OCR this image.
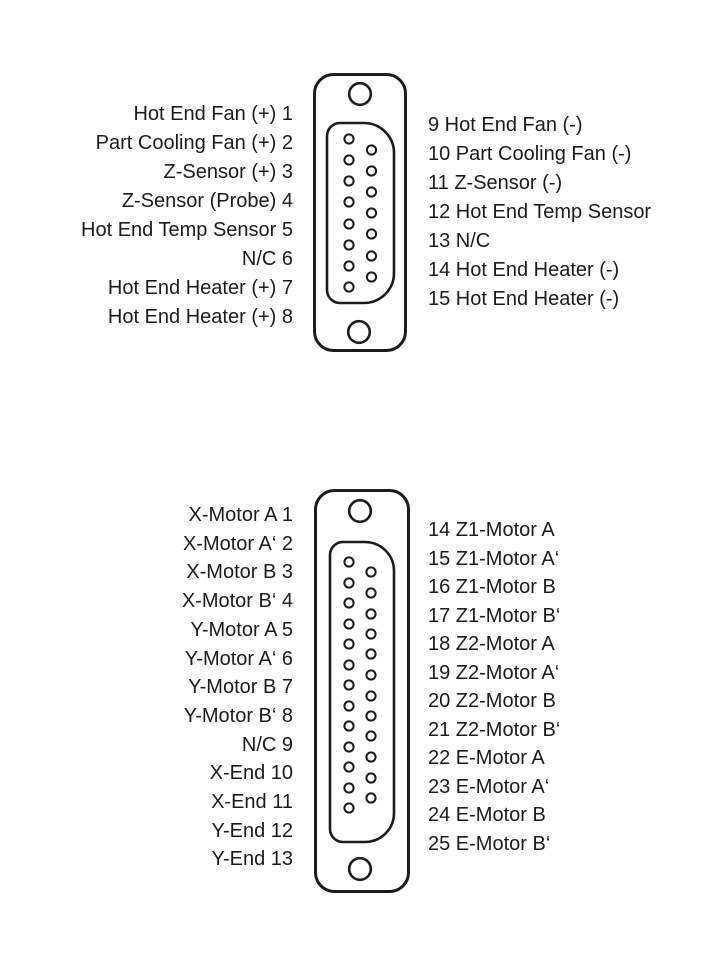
Hot End Fan (+) 1
Part Cooling Fan (+) 2
Z-Sensor (+) 3
Z-Sensor (Probe) 4
Hot End Temp Sensor 5
N/C 6
Hot End Heater (+) 7
Hot End Heater (+) 8
9 Hot End Fan (-)
10 Part Cooling Fan (-)
11 Z-Sensor (-)
12 Hot End Temp Sensor
13 N/C
14 Hot End Heater (-)
15 Hot End Heater (-)
X-Motor A 1
X-Motor A‘ 2
X-Motor B 3
X-Motor B‘ 4
Y-Motor A 5
Y-Motor A‘ 6
Y-Motor B 7
Y-Motor B‘ 8
N/C 9
X-End 10
X-End 11
Y-End 12
Y-End 13
14 Z1-Motor A
15 Z1-Motor A‘
16 Z1-Motor B
17 Z1-Motor B‘
18 Z2-Motor A
19 Z2-Motor A‘
20 Z2-Motor B
21 Z2-Motor B‘
22 E-Motor A
23 E-Motor A‘
24 E-Motor B
25 E-Motor B‘
